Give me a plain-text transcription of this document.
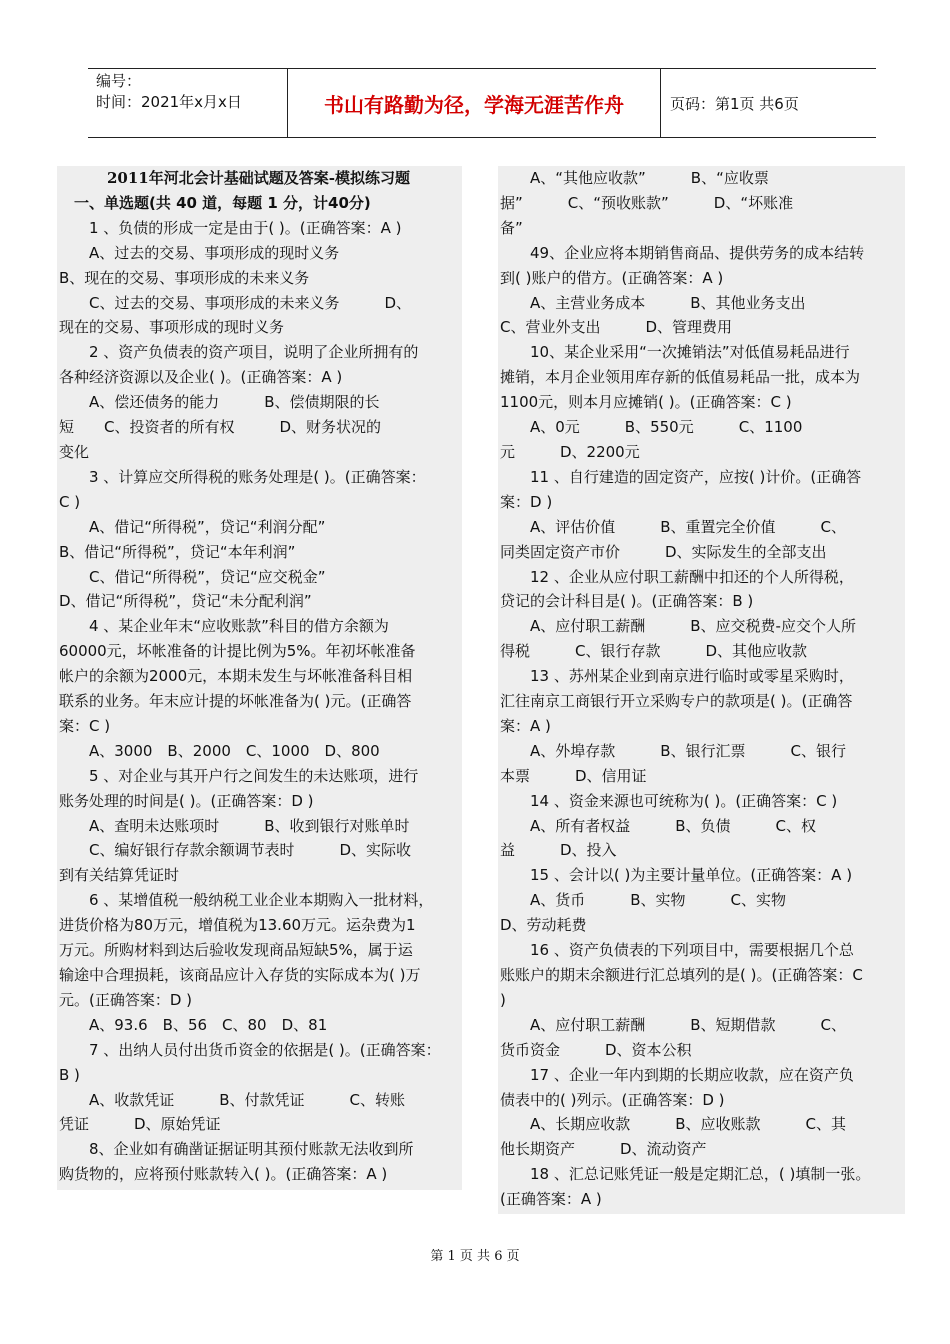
编号：
时间：2021年x月x日	书山有路勤为径，学海无涯苦作舟	页码：第1页 共6页

2011年河北会计基础试题及答案-模拟练习题

　一、单选题(共 40 道，每题 1 分，计40分)

　　1 、负债的形成一定是由于( )。(正确答案：A )

　　A、过去的交易、事项形成的现时义务

B、现在的交易、事项形成的未来义务

　　C、过去的交易、事项形成的未来义务　　　D、

现在的交易、事项形成的现时义务

　　2 、资产负债表的资产项目，说明了企业所拥有的

各种经济资源以及企业( )。(正确答案：A )

　　A、偿还债务的能力　　　B、偿债期限的长

短　　C、投资者的所有权　　　D、财务状况的

变化

　　3 、计算应交所得税的账务处理是( )。(正确答案：

C )

　　A、借记“所得税”，贷记“利润分配”

B、借记“所得税”，贷记“本年利润”

　　C、借记“所得税”，贷记“应交税金”

D、借记“所得税”，贷记“未分配利润”

　　4 、某企业年末“应收账款”科目的借方余额为

60000元，坏帐准备的计提比例为5%。年初坏帐准备

帐户的余额为2000元，本期未发生与坏帐准备科目相

联系的业务。年末应计提的坏帐准备为( )元。(正确答

案：C )

　　A、3000　B、2000　C、1000　D、800

　　5 、对企业与其开户行之间发生的未达账项，进行

账务处理的时间是( )。(正确答案：D )

　　A、查明未达账项时　　　B、收到银行对账单时

　　C、编好银行存款余额调节表时　　　D、实际收

到有关结算凭证时

　　6 、某增值税一般纳税工业企业本期购入一批材料，

进货价格为80万元，增值税为13.60万元。运杂费为1

万元。所购材料到达后验收发现商品短缺5%，属于运

输途中合理损耗，该商品应计入存货的实际成本为( )万

元。(正确答案：D )

　　A、93.6　B、56　C、80　D、81

　　7 、出纳人员付出货币资金的依据是( )。(正确答案：

B )

　　A、收款凭证　　　B、付款凭证　　　C、转账

凭证　　　D、原始凭证

　　8、企业如有确凿证据证明其预付账款无法收到所

购货物的，应将预付账款转入( )。(正确答案：A )

　　A、“其他应收款”　　　B、“应收票

据”　　　C、“预收账款”　　　D、“坏账准

备”

　　49、企业应将本期销售商品、提供劳务的成本结转

到( )账户的借方。(正确答案：A )

　　A、主营业务成本　　　B、其他业务支出

C、营业外支出　　　D、管理费用

　　10、某企业采用“一次摊销法”对低值易耗品进行

摊销，本月企业领用库存新的低值易耗品一批，成本为

1100元，则本月应摊销( )。(正确答案：C )

　　A、0元　　　B、550元　　　C、1100

元　　　D、2200元

　　11 、自行建造的固定资产，应按( )计价。(正确答

案：D )

　　A、评估价值　　　B、重置完全价值　　　C、

同类固定资产市价　　　D、实际发生的全部支出

　　12 、企业从应付职工薪酬中扣还的个人所得税，

贷记的会计科目是( )。(正确答案：B )

　　A、应付职工薪酬　　　B、应交税费-应交个人所

得税　　　C、银行存款　　　D、其他应收款

　　13 、苏州某企业到南京进行临时或零星采购时，

汇往南京工商银行开立采购专户的款项是( )。(正确答

案：A )

　　A、外埠存款　　　B、银行汇票　　　C、银行

本票　　　D、信用证

　　14 、资金来源也可统称为( )。(正确答案：C )

　　A、所有者权益　　　B、负债　　　C、权

益　　　D、投入

　　15 、会计以( )为主要计量单位。(正确答案：A )

　　A、货币　　　B、实物　　　C、实物

D、劳动耗费

　　16 、资产负债表的下列项目中，需要根据几个总

账账户的期末余额进行汇总填列的是( )。(正确答案：C

)

　　A、应付职工薪酬　　　B、短期借款　　　C、

货币资金　　　D、资本公积

　　17 、企业一年内到期的长期应收款，应在资产负

债表中的( )列示。(正确答案：D )

　　A、长期应收款　　　B、应收账款　　　C、其

他长期资产　　　D、流动资产

　　18 、汇总记账凭证一般是定期汇总，( )填制一张。

(正确答案：A )

第 1 页 共 6 页
